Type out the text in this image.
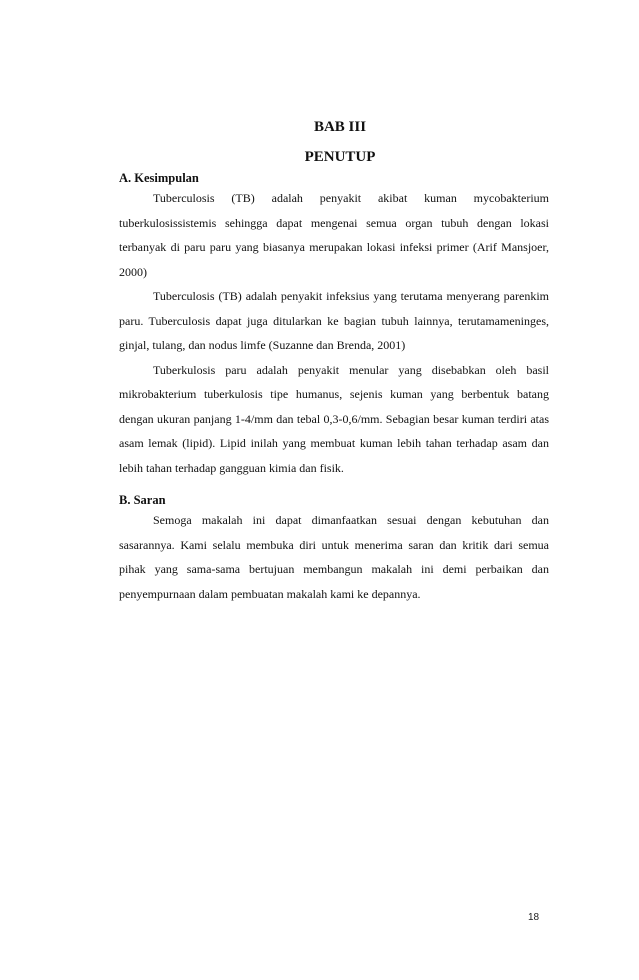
BAB III
PENUTUP
A. Kesimpulan

Tuberculosis (TB) adalah penyakit akibat kuman mycobakterium tuberkulosissistemis sehingga dapat mengenai semua organ tubuh dengan lokasi terbanyak di paru paru yang biasanya merupakan lokasi infeksi primer (Arif Mansjoer, 2000)

Tuberculosis (TB) adalah penyakit infeksius yang terutama menyerang parenkim paru. Tuberculosis dapat juga ditularkan ke bagian tubuh lainnya, terutamameninges, ginjal, tulang, dan nodus limfe (Suzanne dan Brenda, 2001)

Tuberkulosis paru adalah penyakit menular yang disebabkan oleh basil mikrobakterium tuberkulosis tipe humanus, sejenis kuman yang berbentuk batang dengan ukuran panjang 1-4/mm dan tebal 0,3-0,6/mm. Sebagian besar kuman terdiri atas asam lemak (lipid). Lipid inilah yang membuat kuman lebih tahan terhadap asam dan lebih tahan terhadap gangguan kimia dan fisik.

B. Saran

Semoga makalah ini dapat dimanfaatkan sesuai dengan kebutuhan dan sasarannya. Kami selalu membuka diri untuk menerima saran dan kritik dari semua pihak yang sama-sama bertujuan membangun makalah ini demi perbaikan dan penyempurnaan dalam pembuatan makalah kami ke depannya.

18
